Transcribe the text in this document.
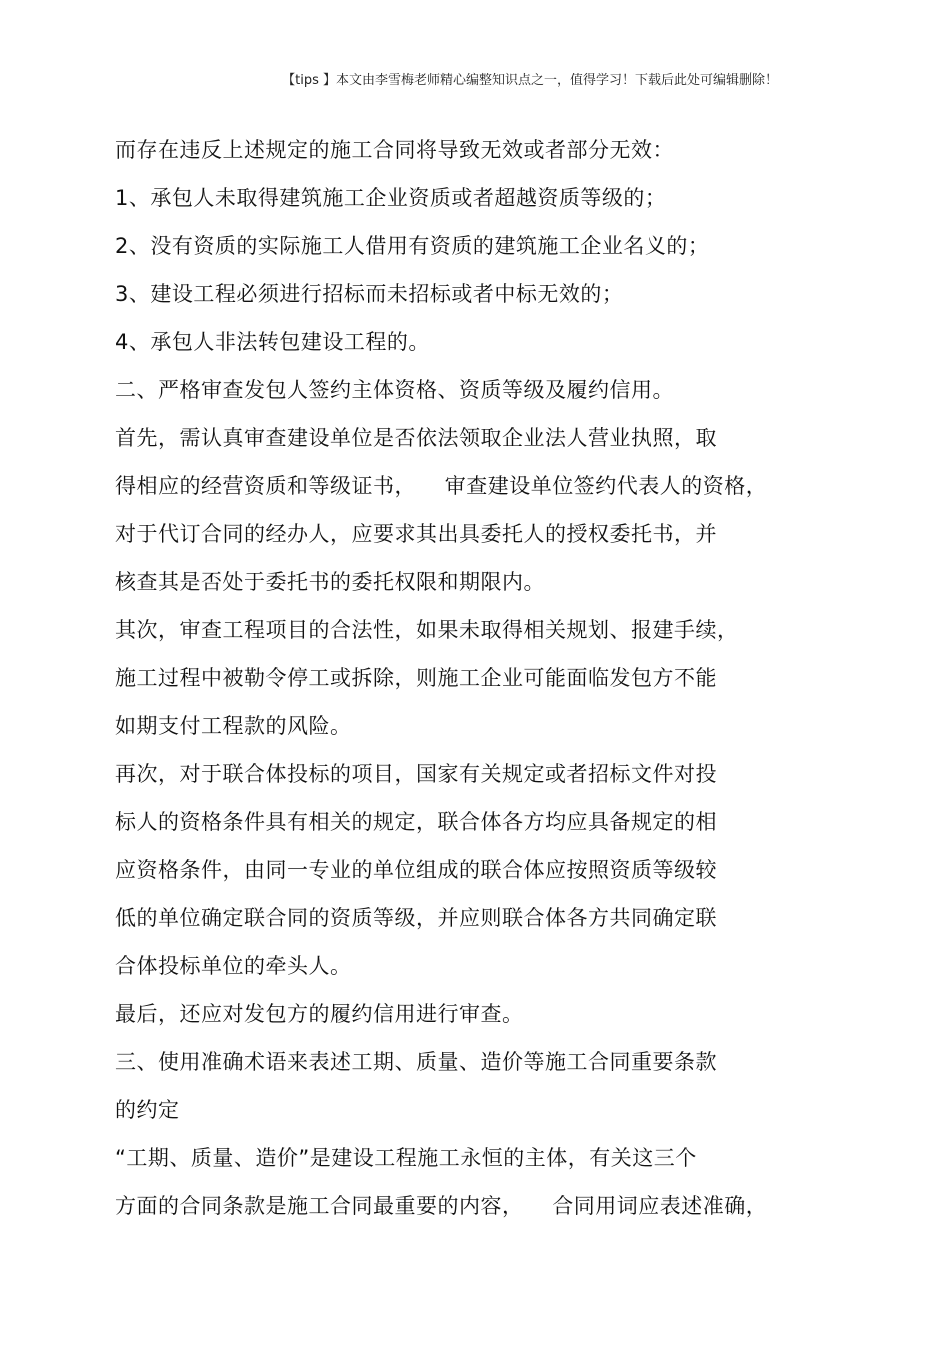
【tips 】本文由李雪梅老师精心编整知识点之一，值得学习！下载后此处可编辑删除！
而存在违反上述规定的施工合同将导致无效或者部分无效：
1、承包人未取得建筑施工企业资质或者超越资质等级的；
2、没有资质的实际施工人借用有资质的建筑施工企业名义的；
3、建设工程必须进行招标而未招标或者中标无效的；
4、承包人非法转包建设工程的。
二、严格审查发包人签约主体资格、资质等级及履约信用。
首先，需认真审查建设单位是否依法领取企业法人营业执照，取
得相应的经营资质和等级证书，    审查建设单位签约代表人的资格，
对于代订合同的经办人，应要求其出具委托人的授权委托书，并
核查其是否处于委托书的委托权限和期限内。
其次，审查工程项目的合法性，如果未取得相关规划、报建手续，
施工过程中被勒令停工或拆除，则施工企业可能面临发包方不能
如期支付工程款的风险。
再次，对于联合体投标的项目，国家有关规定或者招标文件对投
标人的资格条件具有相关的规定，联合体各方均应具备规定的相
应资格条件，由同一专业的单位组成的联合体应按照资质等级较
低的单位确定联合同的资质等级，并应则联合体各方共同确定联
合体投标单位的牵头人。
最后，还应对发包方的履约信用进行审查。
三、使用准确术语来表述工期、质量、造价等施工合同重要条款
的约定
“工期、质量、造价”是建设工程施工永恒的主体，有关这三个
方面的合同条款是施工合同最重要的内容，    合同用词应表述准确，
